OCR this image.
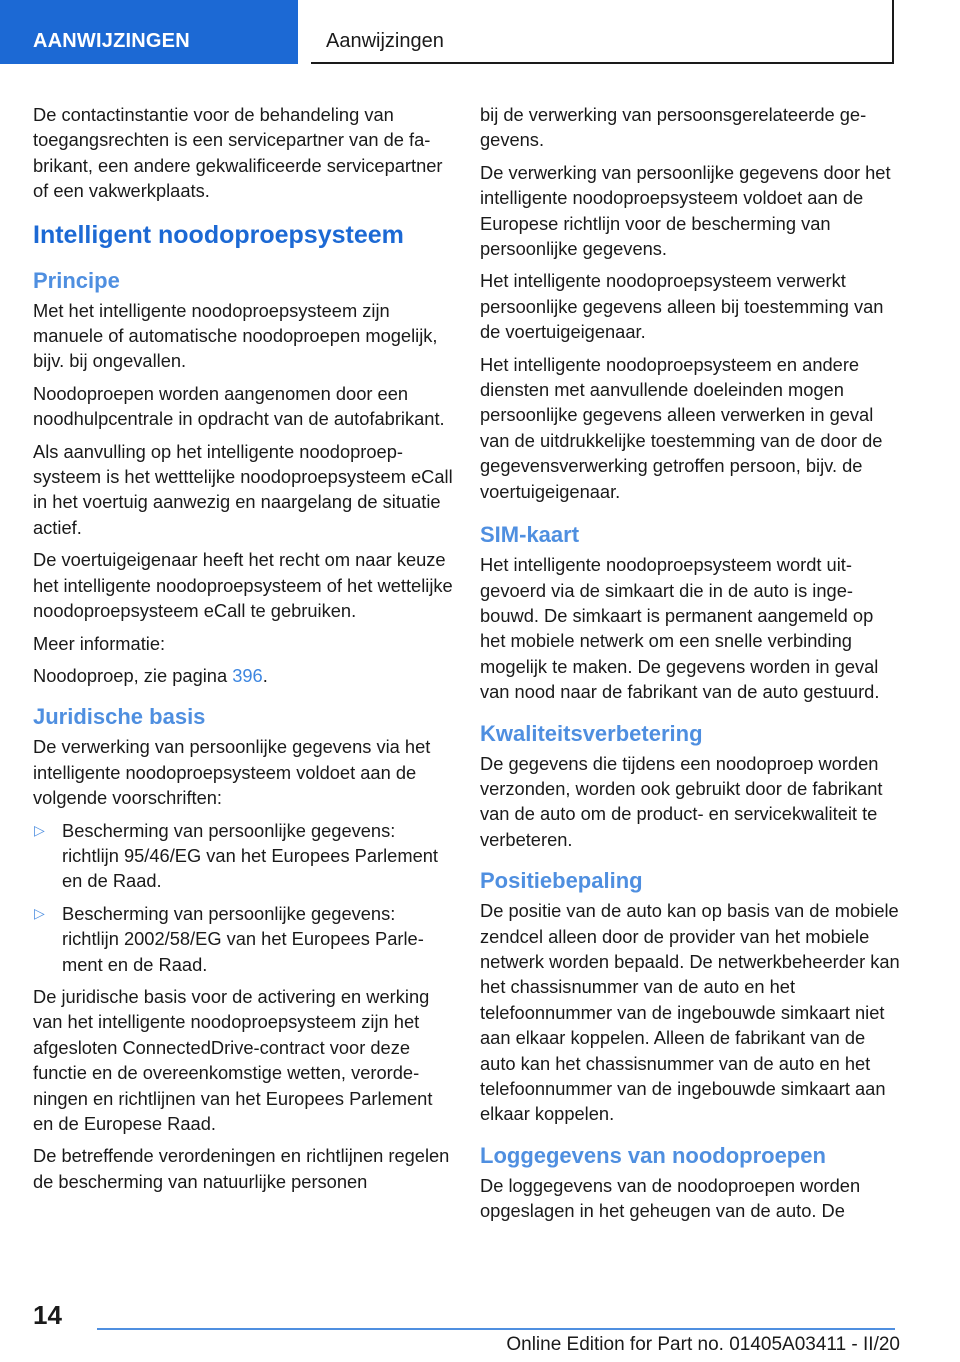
AANWIJZINGEN	Aanwijzingen

De contactinstantie voor de behandeling van toegangsrechten is een servicepartner van de fabrikant, een andere gekwalificeerde servicepartner of een vakwerkplaats.

Intelligent noodoproepsysteem
Principe

Met het intelligente noodoproepsysteem zijn manuele of automatische noodoproepen mogelijk, bijv. bij ongevallen.

Noodoproepen worden aangenomen door een noodhulpcentrale in opdracht van de autofabrikant.

Als aanvulling op het intelligente noodoproepsysteem is het wetttelijke noodoproepsysteem eCall in het voertuig aanwezig en naargelang de situatie actief.

De voertuigeigenaar heeft het recht om naar keuze het intelligente noodoproepsysteem of het wettelijke noodoproepsysteem eCall te gebruiken.

Meer informatie:

Noodoproep, zie pagina 396.

Juridische basis

De verwerking van persoonlijke gegevens via het intelligente noodoproepsysteem voldoet aan de volgende voorschriften:

▷ Bescherming van persoonlijke gegevens: richtlijn 95/46/EG van het Europees Parlement en de Raad.
▷ Bescherming van persoonlijke gegevens: richtlijn 2002/58/EG van het Europees Parlement en de Raad.

De juridische basis voor de activering en werking van het intelligente noodoproepsysteem zijn het afgesloten ConnectedDrive-contract voor deze functie en de overeenkomstige wetten, verordeningen en richtlijnen van het Europees Parlement en de Europese Raad.

De betreffende verordeningen en richtlijnen regelen de bescherming van natuurlijke personen

bij de verwerking van persoonsgerelateerde gegevens.

De verwerking van persoonlijke gegevens door het intelligente noodoproepsysteem voldoet aan de Europese richtlijn voor de bescherming van persoonlijke gegevens.

Het intelligente noodoproepsysteem verwerkt persoonlijke gegevens alleen bij toestemming van de voertuigeigenaar.

Het intelligente noodoproepsysteem en andere diensten met aanvullende doeleinden mogen persoonlijke gegevens alleen verwerken in geval van de uitdrukkelijke toestemming van de door de gegevensverwerking getroffen persoon, bijv. de voertuigeigenaar.

SIM-kaart

Het intelligente noodoproepsysteem wordt uitgevoerd via de simkaart die in de auto is ingebouwd. De simkaart is permanent aangemeld op het mobiele netwerk om een snelle verbinding mogelijk te maken. De gegevens worden in geval van nood naar de fabrikant van de auto gestuurd.

Kwaliteitsverbetering

De gegevens die tijdens een noodoproep worden verzonden, worden ook gebruikt door de fabrikant van de auto om de product- en servicekwaliteit te verbeteren.

Positiebepaling

De positie van de auto kan op basis van de mobiele zendcel alleen door de provider van het mobiele netwerk worden bepaald. De netwerkbeheerder kan het chassisnummer van de auto en het telefoonnummer van de ingebouwde simkaart niet aan elkaar koppelen. Alleen de fabrikant van de auto kan het chassisnummer van de auto en het telefoonnummer van de ingebouwde simkaart aan elkaar koppelen.

Loggegevens van noodoproepen

De loggegevens van de noodoproepen worden opgeslagen in het geheugen van de auto. De

14
Online Edition for Part no. 01405A03411 - II/20
